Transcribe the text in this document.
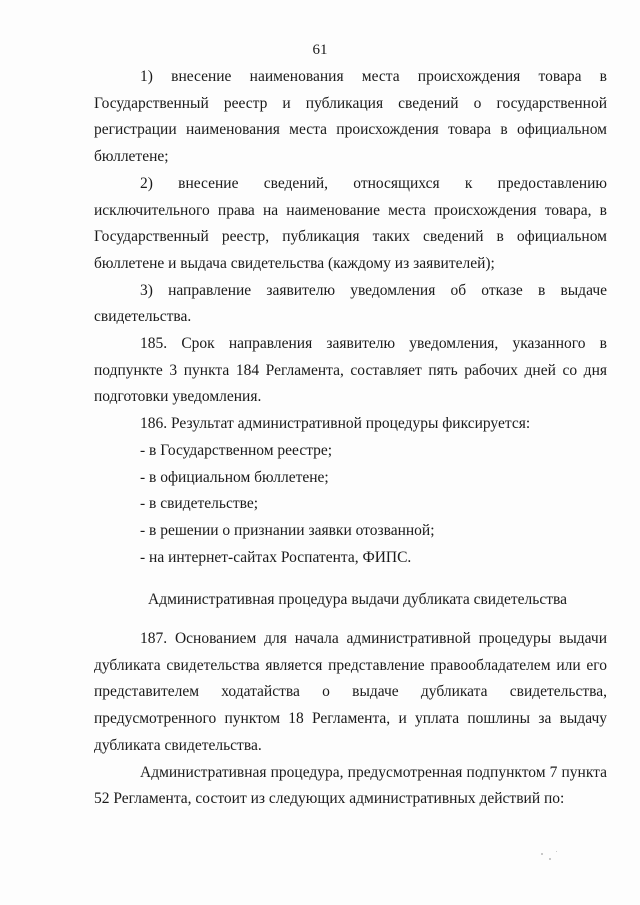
61

1) внесение наименования места происхождения товара в Государственный реестр и публикация сведений о государственной регистрации наименования места происхождения товара в официальном бюллетене;

2) внесение сведений, относящихся к предоставлению исключительного права на наименование места происхождения товара, в Государственный реестр, публикация таких сведений в официальном бюллетене и выдача свидетельства (каждому из заявителей);

3) направление заявителю уведомления об отказе в выдаче свидетельства.

185. Срок направления заявителю уведомления, указанного в подпункте 3 пункта 184 Регламента, составляет пять рабочих дней со дня подготовки уведомления.

186. Результат административной процедуры фиксируется:

- в Государственном реестре;

- в официальном бюллетене;

- в свидетельстве;

- в решении о признании заявки отозванной;

- на интернет-сайтах Роспатента, ФИПС.

Административная процедура выдачи дубликата свидетельства

187. Основанием для начала административной процедуры выдачи дубликата свидетельства является представление правообладателем или его представителем ходатайства о выдаче дубликата свидетельства, предусмотренного пунктом 18 Регламента, и уплата пошлины за выдачу дубликата свидетельства.

Административная процедура, предусмотренная подпунктом 7 пункта 52 Регламента, состоит из следующих административных действий по:
